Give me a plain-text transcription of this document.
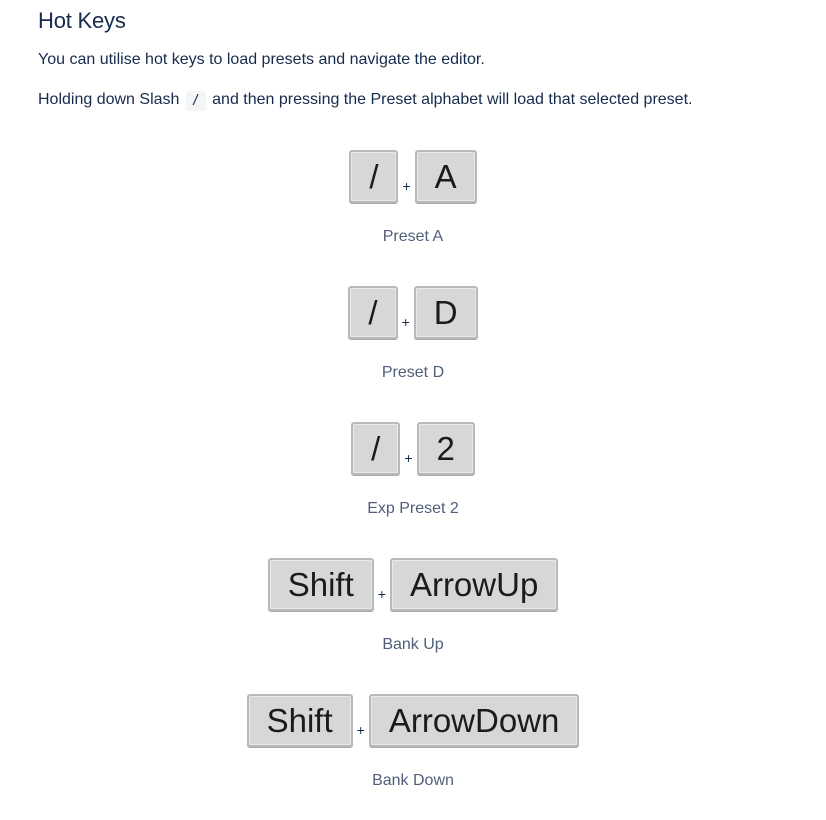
Hot Keys

You can utilise hot keys to load presets and navigate the editor.

Holding down Slash / and then pressing the Preset alphabet will load that selected preset.

/	+ A
Preset A
/	+ D
Preset D
/	+ 2
Exp Preset 2
Shift	+ ArrowUp
Bank Up
Shift	+ ArrowDown
Bank Down
